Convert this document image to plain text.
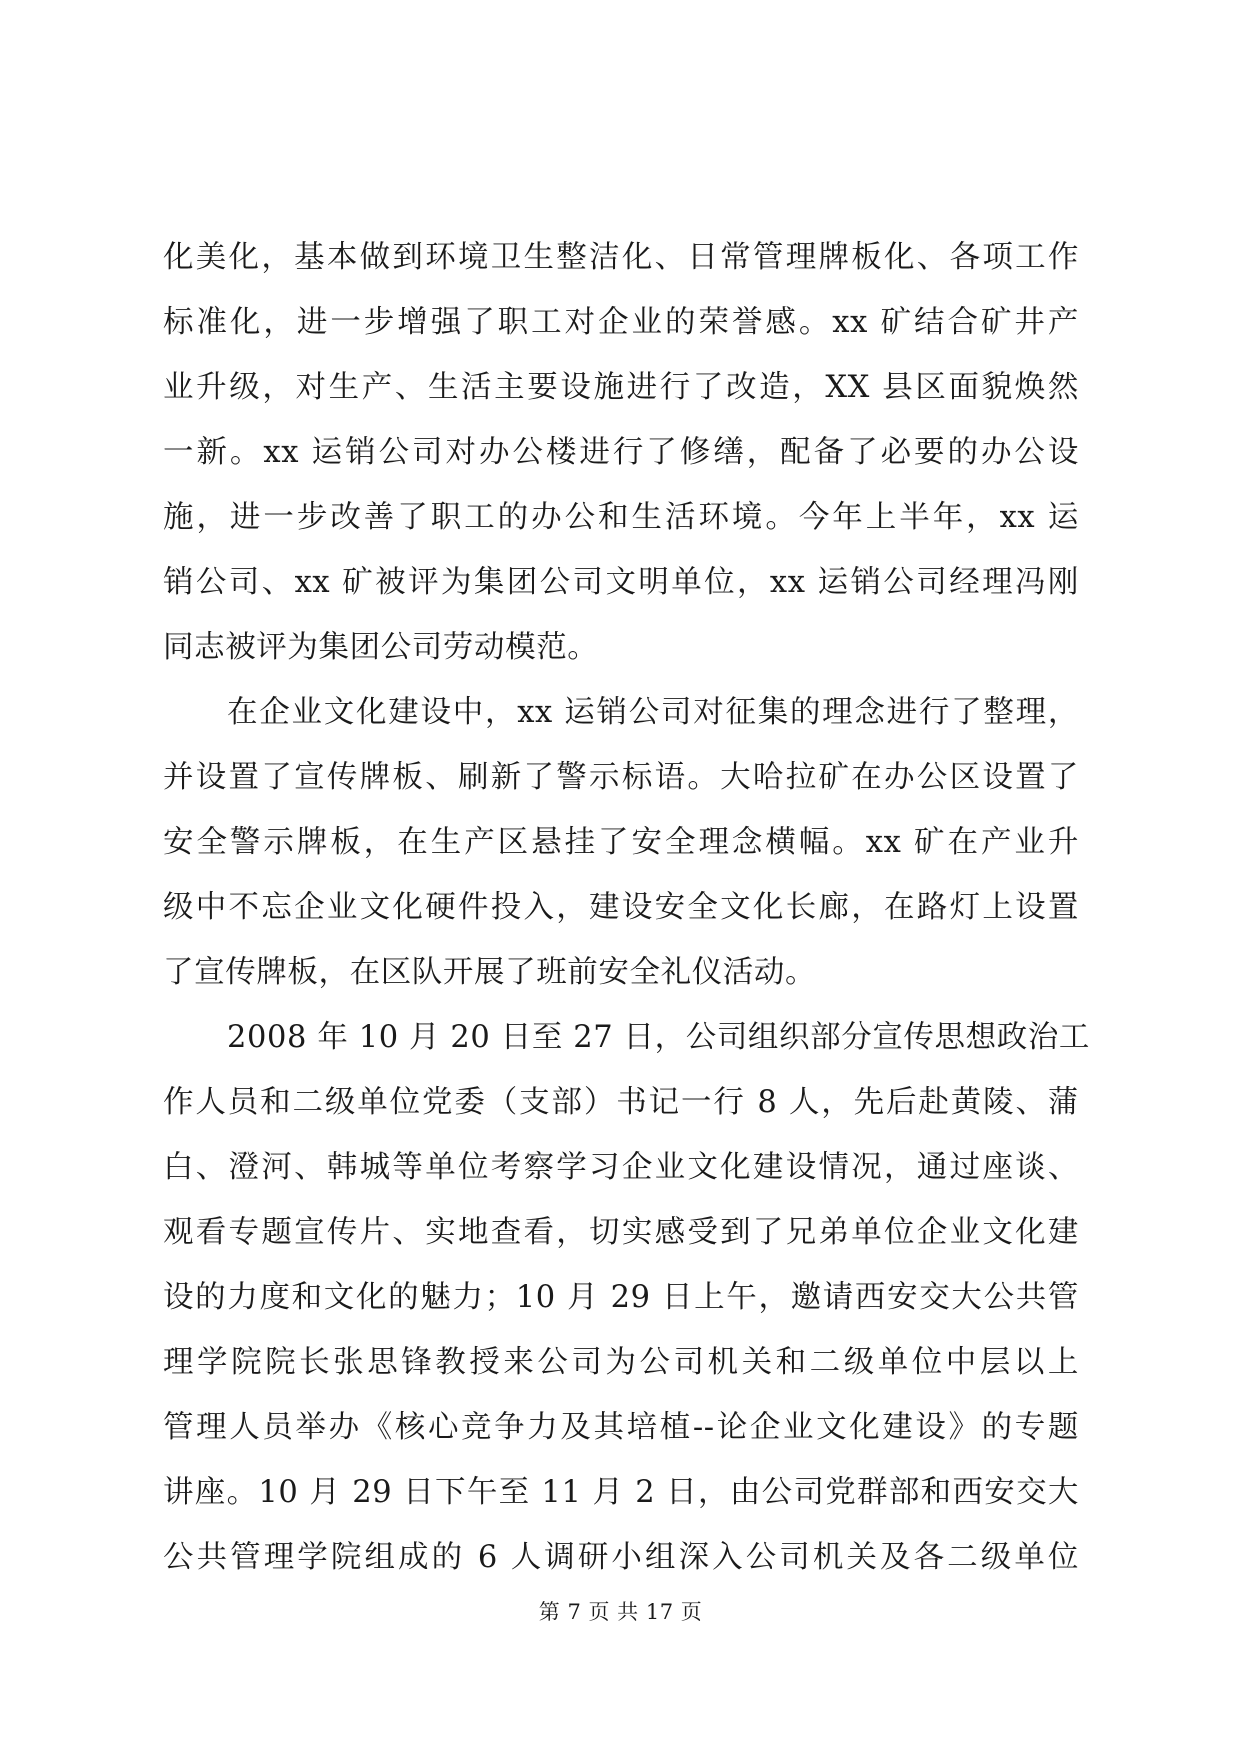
化美化，基本做到环境卫生整洁化、日常管理牌板化、各项工作
标准化，进一步增强了职工对企业的荣誉感。xx 矿结合矿井产
业升级，对生产、生活主要设施进行了改造，XX 县区面貌焕然
一新。xx 运销公司对办公楼进行了修缮，配备了必要的办公设
施，进一步改善了职工的办公和生活环境。今年上半年，xx 运
销公司、xx 矿被评为集团公司文明单位，xx 运销公司经理冯刚
同志被评为集团公司劳动模范。
在企业文化建设中，xx 运销公司对征集的理念进行了整理，
并设置了宣传牌板、刷新了警示标语。大哈拉矿在办公区设置了
安全警示牌板，在生产区悬挂了安全理念横幅。xx 矿在产业升
级中不忘企业文化硬件投入，建设安全文化长廊，在路灯上设置
了宣传牌板，在区队开展了班前安全礼仪活动。
2008 年 10 月 20 日至 27 日，公司组织部分宣传思想政治工
作人员和二级单位党委（支部）书记一行 8 人，先后赴黄陵、蒲
白、澄河、韩城等单位考察学习企业文化建设情况，通过座谈、
观看专题宣传片、实地查看，切实感受到了兄弟单位企业文化建
设的力度和文化的魅力；10 月 29 日上午，邀请西安交大公共管
理学院院长张思锋教授来公司为公司机关和二级单位中层以上
管理人员举办《核心竞争力及其培植--论企业文化建设》的专题
讲座。10 月 29 日下午至 11 月 2 日，由公司党群部和西安交大
公共管理学院组成的 6 人调研小组深入公司机关及各二级单位
第 7 页 共 17 页
